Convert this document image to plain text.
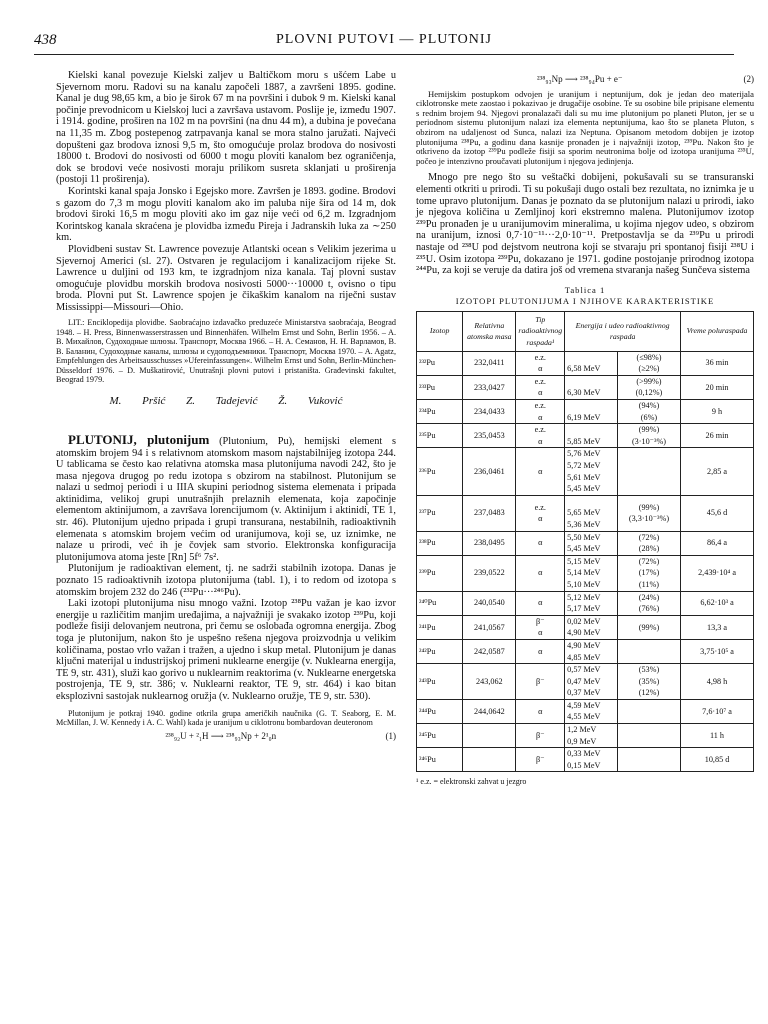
438	PLOVNI PUTOVI — PLUTONIJ

Kielski kanal povezuje Kielski zaljev u Baltičkom moru s ušćem Labe u Sjevernom moru. Radovi su na kanalu započeli 1887, a završeni 1895. godine. Kanal je dug 98,65 km, a bio je širok 67 m na površini i dubok 9 m. Kielski kanal počinje prevodnicom u Kielskoj luci a završava ustavom. Poslije je, između 1907. i 1914. godine, proširen na 102 m na površini (na dnu 44 m), a dubina je povećana na 11,35 m. Zbog postepenog zatrpavanja kanal se mora stalno jaružati. Najveći dopušteni gaz brodova iznosi 9,5 m, što omogućuje prolaz brodova do nosivosti 18000 t. Brodovi do nosivosti od 6000 t mogu ploviti kanalom bez ograničenja, dok se brodovi veće nosivosti moraju prilikom susreta sklanjati u proširenja (postoji 11 proširenja).

Korintski kanal spaja Jonsko i Egejsko more. Završen je 1893. godine. Brodovi s gazom do 7,3 m mogu ploviti kanalom ako im paluba nije šira od 14 m, dok brodovi široki 16,5 m mogu ploviti ako im gaz nije veći od 6,2 m. Izgradnjom Korintskog kanala skraćena je plovidba između Pireja i Jadranskih luka za ∼250 km.

Plovidbeni sustav St. Lawrence povezuje Atlantski ocean s Velikim jezerima u Sjevernoj Americi (sl. 27). Ostvaren je regulacijom i kanalizacijom rijeke St. Lawrence u duljini od 193 km, te izgradnjom niza kanala. Taj plovni sustav omogućuje plovidbu morskih brodova nosivosti 5000···10000 t, ovisno o tipu broda. Plovni put St. Lawrence spojen je čikaškim kanalom na riječni sustav Mississippi—Missouri—Ohio.

LIT.: Enciklopedija plovidbe. Saobraćajno izdavačko preduzeće Ministarstva saobraćaja, Beograd 1948. – H. Press, Binnenwasserstrassen und Binnenhäfen. Wilhelm Ernst und Sohn, Berlin 1956. – A. B. Михайлов, Судоходные шлюзы. Транспорт, Москва 1966. – H. A. Семанов, H. H. Варламов, B. B. Баланин, Судоходные каналы, шлюзы и судоподъемники. Транспорт, Москва 1970. – A. Agatz, Empfehlungen des Arbeitsausschusses »Ufereinfassungen«. Wilhelm Ernst und Sohn, Berlin-München-Düsseldorf 1976. – D. Muškatirović, Unutrašnji plovni putovi i pristaništa. Građevinski fakultet, Beograd 1979.

M. Pršić Z. Tadejević Ž. Vuković

PLUTONIJ, plutonijum (Plutonium, Pu), hemijski element s atomskim brojem 94 i s relativnom atomskom masom najstabilnijeg izotopa 244. U tablicama se često kao relativna atomska masa plutonijuma navodi 242, što je masa njegova drugog po redu izotopa s obzirom na stabilnost. Plutonijum se nalazi u sedmoj periodi i u IIIA skupini periodnog sistema elemenata i pripada aktinidima, velikoj grupi unutrašnjih prelaznih elemenata, koja započinje elementom aktinijumom, a završava lorencijumom (v. Aktinijum i aktinidi, TE 1, str. 46). Plutonijum ujedno pripada i grupi transurana, nestabilnih, radioaktivnih elemenata s atomskim brojem većim od uranijumova, koji se, uz iznimke, ne nalaze u prirodi, već ih je čovjek sam stvorio. Elektronska konfiguracija plutonijumova atoma jeste [Rn] 5f⁶ 7s².

Plutonijum je radioaktivan element, tj. ne sadrži stabilnih izotopa. Danas je poznato 15 radioaktivnih izotopa plutonijuma (tabl. 1), i to redom od izotopa s atomskim brojem 232 do 246 (²³²Pu···²⁴⁶Pu).

Laki izotopi plutonijuma nisu mnogo važni. Izotop ²³⁸Pu važan je kao izvor energije u različitim manjim uređajima, a najvažniji je svakako izotop ²³⁹Pu, koji podleže fisiji delovanjem neutrona, pri čemu se oslobađa ogromna energija. Zbog toga je plutonijum, nakon što je uspešno rešena njegova proizvodnja u velikim količinama, postao vrlo važan i tražen, a ujedno i skup metal. Plutonijum je danas ključni materijal u industrijskoj primeni nuklearne energije (v. Nuklearna energija, TE 9, str. 431), služi kao gorivo u nuklearnim reaktorima (v. Nuklearne energetska postrojenja, TE 9, str. 386; v. Nuklearni reaktor, TE 9, str. 464) i kao bitan eksplozivni sastojak nuklearnog oružja (v. Nuklearno oružje, TE 9, str. 530).

Plutonijum je potkraj 1940. godine otkrila grupa američkih naučnika (G. T. Seaborg, E. M. McMillan, J. W. Kennedy i A. C. Wahl) kada je uranijum u ciklotronu bombardovan deuteronom

²³⁸₉₂U + ²₁H ⟶ ²³⁸₉₃Np + 2¹₀n	(1)
²³⁸₉₃Np ⟶ ²³⁸₉₄Pu + e⁻	(2)

Hemijskim postupkom odvojen je uranijum i neptunijum, dok je jedan deo materijala ciklotronske mete zaostao i pokazivao je drugačije osobine. Te su osobine bile pripisane elementu s rednim brojem 94. Njegovi pronalazači dali su mu ime plutonijum po planeti Pluton, jer se u periodnom sistemu plutonijum nalazi iza elementa neptunijuma, kao što se planeta Pluton, s obzirom na udaljenost od Sunca, nalazi iza Neptuna. Opisanom metodom dobijen je izotop plutonijuma ²³⁸Pu, a godinu dana kasnije pronađen je i najvažniji izotop, ²³⁹Pu. Nakon što je otkriveno da izotop ²³⁹Pu podleže fisiji sa sporim neutronima bolje od izotopa uranijuma ²³⁵U, počeo je intenzivno proučavati plutonijum i njegova jedinjenja.

Mnogo pre nego što su veštački dobijeni, pokušavali su se transuranski elementi otkriti u prirodi. Ti su pokušaji dugo ostali bez rezultata, no iznimka je u tome upravo plutonijum. Danas je poznato da se plutonijum nalazi u prirodi, iako je njegova količina u Zemljinoj kori ekstremno malena. Plutonijumov izotop ²³⁹Pu pronađen je u uranijumovim mineralima, u kojima njegov udeo, s obzirom na uranijum, iznosi 0,7·10⁻¹¹···2,0·10⁻¹¹. Pretpostavlja se da ²³⁹Pu u prirodi nastaje od ²³⁸U pod dejstvom neutrona koji se stvaraju pri spontanoj fisiji ²³⁸U i ²³⁵U. Osim izotopa ²³⁹Pu, dokazano je 1971. godine postojanje prirodnog izotopa ²⁴⁴Pu, za koji se veruje da datira još od vremena stvaranja našeg Sunčeva sistema

Tablica 1
IZOTOPI PLUTONIJUMA I NJIHOVE KARAKTERISTIKE
Izotop	Relativna atomska masa	Tip radioaktivnog raspada¹	Energija i udeo radioaktivnog raspada		Vreme poluraspada
²³²Pu	232,0411	e.z.
α	
6,58 MeV	(≤98%)
(≥2%)	36 min
²³³Pu	233,0427	e.z.
α	
6,30 MeV	(>99%)
(0,12%)	20 min
²³⁴Pu	234,0433	e.z.
α	
6,19 MeV	(94%)
(6%)	9 h
²³⁵Pu	235,0453	e.z.
α	
5,85 MeV	(99%)
(3·10⁻³%)	26 min
²³⁶Pu	236,0461	α	5,76 MeV
5,72 MeV
5,61 MeV
5,45 MeV		2,85 a
²³⁷Pu	237,0483	e.z.
α	
5,65 MeV
5,36 MeV	(99%)
(3,3·10⁻³%)	45,6 d
²³⁸Pu	238,0495	α	5,50 MeV
5,45 MeV	(72%)
(28%)	86,4 a
²³⁹Pu	239,0522	α	5,15 MeV
5,14 MeV
5,10 MeV	(72%)
(17%)
(11%)	2,439·10⁴ a
²⁴⁰Pu	240,0540	α	5,12 MeV
5,17 MeV	(24%)
(76%)	6,62·10³ a
²⁴¹Pu	241,0567	β⁻
α	0,02 MeV
4,90 MeV	(99%)	13,3 a
²⁴²Pu	242,0587	α	4,90 MeV
4,85 MeV		3,75·10⁵ a
²⁴³Pu	243,062	β⁻	0,57 MeV
0,47 MeV
0,37 MeV	(53%)
(35%)
(12%)	4,98 h
²⁴⁴Pu	244,0642	α	4,59 MeV
4,55 MeV		7,6·10⁷ a
²⁴⁵Pu		β⁻	1,2 MeV
0,9 MeV		11 h
²⁴⁶Pu		β⁻	0,33 MeV
0,15 MeV		10,85 d
¹ e.z. = elektronski zahvat u jezgro
